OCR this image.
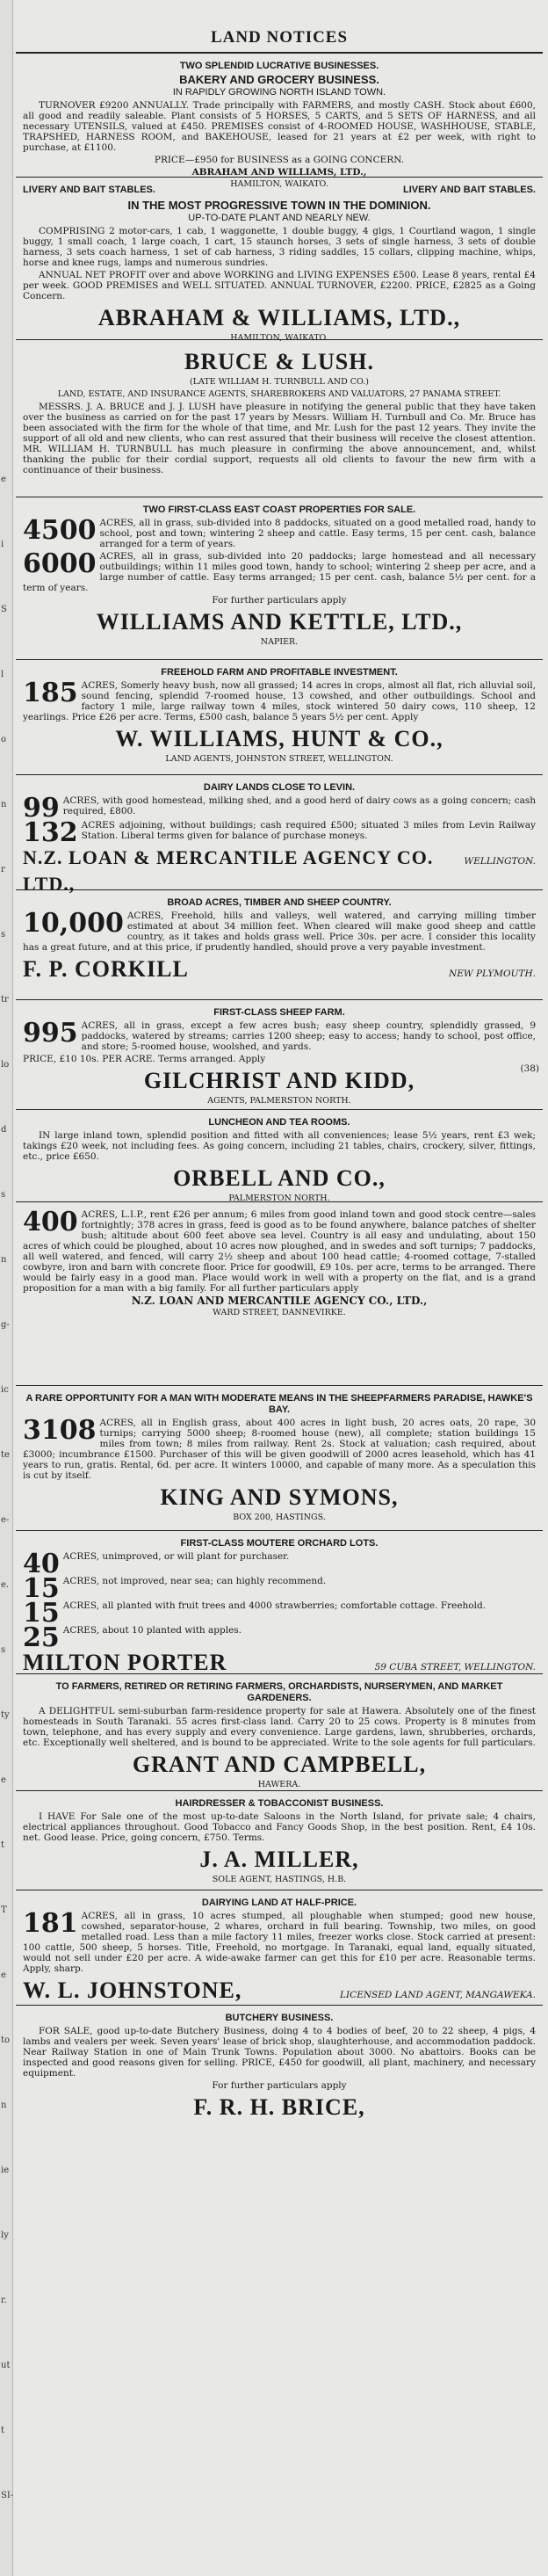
e
i
S
l
o
n
r
s
tr
lo
d
s
n
g-
ic
te
e-
e.
s
ty
e
t
T
e
to
n
ie
ly
r.
ut
t
SI-
LAND NOTICES
TWO SPLENDID LUCRATIVE BUSINESSES.
BAKERY AND GROCERY BUSINESS.
IN RAPIDLY GROWING NORTH ISLAND TOWN.
TURNOVER £9200 ANNUALLY. Trade principally with FARMERS, and mostly CASH. Stock about £600, all good and readily saleable. Plant consists of 5 HORSES, 5 CARTS, and 5 SETS OF HARNESS, and all necessary UTENSILS, valued at £450. PREMISES consist of 4-ROOMED HOUSE, WASHHOUSE, STABLE, TRAPSHED, HARNESS ROOM, and BAKEHOUSE, leased for 21 years at £2 per week, with right to purchase, at £1100.
PRICE—£950 for BUSINESS as a GOING CONCERN.
ABRAHAM AND WILLIAMS, LTD.,
HAMILTON, WAIKATO.
LIVERY AND BAIT STABLES.	LIVERY AND BAIT STABLES.
IN THE MOST PROGRESSIVE TOWN IN THE DOMINION.
UP-TO-DATE PLANT AND NEARLY NEW.
COMPRISING 2 motor-cars, 1 cab, 1 waggonette, 1 double buggy, 4 gigs, 1 Courtland wagon, 1 single buggy, 1 small coach, 1 large coach, 1 cart, 15 staunch horses, 3 sets of single harness, 3 sets of double harness, 3 sets coach harness, 1 set of cab harness, 3 riding saddles, 15 collars, clipping machine, whips, horse and knee rugs, lamps and numerous sundries.
ANNUAL NET PROFIT over and above WORKING and LIVING EXPENSES £500. Lease 8 years, rental £4 per week. GOOD PREMISES and WELL SITUATED. ANNUAL TURNOVER, £2200. PRICE, £2825 as a Going Concern.
ABRAHAM & WILLIAMS, LTD.,
HAMILTON, WAIKATO.
BRUCE & LUSH.
(LATE WILLIAM H. TURNBULL AND CO.)
LAND, ESTATE, AND INSURANCE AGENTS, SHAREBROKERS AND VALUATORS, 27 PANAMA STREET.
MESSRS. J. A. BRUCE and J. J. LUSH have pleasure in notifying the general public that they have taken over the business as carried on for the past 17 years by Messrs. William H. Turnbull and Co. Mr. Bruce has been associated with the firm for the whole of that time, and Mr. Lush for the past 12 years. They invite the support of all old and new clients, who can rest assured that their business will receive the closest attention. MR. WILLIAM H. TURNBULL has much pleasure in confirming the above announcement, and, whilst thanking the public for their cordial support, requests all old clients to favour the new firm with a continuance of their business.
TWO FIRST-CLASS EAST COAST PROPERTIES FOR SALE.
4500 ACRES, all in grass, sub-divided into 8 paddocks, situated on a good metalled road, handy to school, post and town; wintering 2 sheep and cattle. Easy terms, 15 per cent. cash, balance arranged for a term of years.
6000 ACRES, all in grass, sub-divided into 20 paddocks; large homestead and all necessary outbuildings; within 11 miles good town, handy to school; wintering 2 sheep per acre, and a large number of cattle. Easy terms arranged; 15 per cent. cash, balance 5½ per cent. for a term of years.
For further particulars apply
WILLIAMS AND KETTLE, LTD.,
NAPIER.
FREEHOLD FARM AND PROFITABLE INVESTMENT.
185 ACRES, Somerly heavy bush, now all grassed; 14 acres in crops, almost all flat, rich alluvial soil, sound fencing, splendid 7-roomed house, 13 cowshed, and other outbuildings. School and factory 1 mile, large railway town 4 miles, stock wintered 50 dairy cows, 110 sheep, 12 yearlings. Price £26 per acre. Terms, £500 cash, balance 5 years 5½ per cent. Apply
W. WILLIAMS, HUNT & CO.,
LAND AGENTS, JOHNSTON STREET, WELLINGTON.
DAIRY LANDS CLOSE TO LEVIN.
99 ACRES, with good homestead, milking shed, and a good herd of dairy cows as a going concern; cash required, £800.
132 ACRES adjoining, without buildings; cash required £500; situated 3 miles from Levin Railway Station. Liberal terms given for balance of purchase moneys.
N.Z. LOAN & MERCANTILE AGENCY CO. LTD.,
WELLINGTON.
BROAD ACRES, TIMBER AND SHEEP COUNTRY.
10,000 ACRES, Freehold, hills and valleys, well watered, and carrying milling timber estimated at about 34 million feet. When cleared will make good sheep and cattle country, as it takes and holds grass well. Price 30s. per acre. I consider this locality has a great future, and at this price, if prudently handled, should prove a very payable investment.
F. P. CORKILL	NEW PLYMOUTH.
FIRST-CLASS SHEEP FARM.
995 ACRES, all in grass, except a few acres bush; easy sheep country, splendidly grassed, 9 paddocks, watered by streams; carries 1200 sheep; easy to access; handy to school, post office, and store; 5-roomed house, woolshed, and yards.
PRICE, £10 10s. PER ACRE. Terms arranged. Apply
(38)
GILCHRIST AND KIDD,
AGENTS, PALMERSTON NORTH.
LUNCHEON AND TEA ROOMS.
IN large inland town, splendid position and fitted with all conveniences; lease 5½ years, rent £3 wek; takings £20 week, not including fees. As going concern, including 21 tables, chairs, crockery, silver, fittings, etc., price £650.
ORBELL AND CO.,
PALMERSTON NORTH.
400 ACRES, L.I.P., rent £26 per annum; 6 miles from good inland town and good stock centre—sales fortnightly; 378 acres in grass, feed is good as to be found anywhere, balance patches of shelter bush; altitude about 600 feet above sea level. Country is all easy and undulating, about 150 acres of which could be ploughed, about 10 acres now ploughed, and in swedes and soft turnips; 7 paddocks, all well watered, and fenced, will carry 2½ sheep and about 100 head cattle; 4-roomed cottage, 7-stalled cowbyre, iron and barn with concrete floor. Price for goodwill, £9 10s. per acre, terms to be arranged. There would be fairly easy in a good man. Place would work in well with a property on the flat, and is a grand proposition for a man with a big family. For all further particulars apply
N.Z. LOAN AND MERCANTILE AGENCY CO., LTD.,
WARD STREET, DANNEVIRKE.
A RARE OPPORTUNITY FOR A MAN WITH MODERATE MEANS IN THE SHEEPFARMERS PARADISE, HAWKE'S BAY.
3108 ACRES, all in English grass, about 400 acres in light bush, 20 acres oats, 20 rape, 30 turnips; carrying 5000 sheep; 8-roomed house (new), all complete; station buildings 15 miles from town; 8 miles from railway. Rent 2s. Stock at valuation; cash required, about £3000; incumbrance £1500. Purchaser of this will be given goodwill of 2000 acres leasehold, which has 41 years to run, gratis. Rental, 6d. per acre. It winters 10000, and capable of many more. As a speculation this is cut by itself.
KING AND SYMONS,
BOX 200, HASTINGS.
FIRST-CLASS MOUTERE ORCHARD LOTS.
40 ACRES, unimproved, or will plant for purchaser.
15 ACRES, not improved, near sea; can highly recommend.
15 ACRES, all planted with fruit trees and 4000 strawberries; comfortable cottage. Freehold.
25 ACRES, about 10 planted with apples.
MILTON PORTER	59 CUBA STREET, WELLINGTON.
TO FARMERS, RETIRED OR RETIRING FARMERS, ORCHARDISTS, NURSERYMEN, AND MARKET GARDENERS.
A DELIGHTFUL semi-suburban farm-residence property for sale at Hawera. Absolutely one of the finest homesteads in South Taranaki. 55 acres first-class land. Carry 20 to 25 cows. Property is 8 minutes from town, telephone, and has every supply and every convenience. Large gardens, lawn, shrubberies, orchards, etc. Exceptionally well sheltered, and is bound to be appreciated. Write to the sole agents for full particulars.
GRANT AND CAMPBELL,
HAWERA.
HAIRDRESSER & TOBACCONIST BUSINESS.
I HAVE For Sale one of the most up-to-date Saloons in the North Island, for private sale; 4 chairs, electrical appliances throughout. Good Tobacco and Fancy Goods Shop, in the best position. Rent, £4 10s. net. Good lease. Price, going concern, £750. Terms.
J. A. MILLER,
SOLE AGENT, HASTINGS, H.B.
DAIRYING LAND AT HALF-PRICE.
181 ACRES, all in grass, 10 acres stumped, all ploughable when stumped; good new house, cowshed, separator-house, 2 whares, orchard in full bearing. Township, two miles, on good metalled road. Less than a mile factory 11 miles, freezer works close. Stock carried at present: 100 cattle, 500 sheep, 5 horses. Title, Freehold, no mortgage. In Taranaki, equal land, equally situated, would not sell under £20 per acre. A wide-awake farmer can get this for £10 per acre. Reasonable terms. Apply, sharp.
W. L. JOHNSTONE,	LICENSED LAND AGENT, MANGAWEKA.
BUTCHERY BUSINESS.
FOR SALE, good up-to-date Butchery Business, doing 4 to 4 bodies of beef, 20 to 22 sheep, 4 pigs, 4 lambs and vealers per week. Seven years' lease of brick shop, slaughterhouse, and accommodation paddock. Near Railway Station in one of Main Trunk Towns. Population about 3000. No abattoirs. Books can be inspected and good reasons given for selling. PRICE, £450 for goodwill, all plant, machinery, and necessary equipment.
For further particulars apply
F. R. H. BRICE,
